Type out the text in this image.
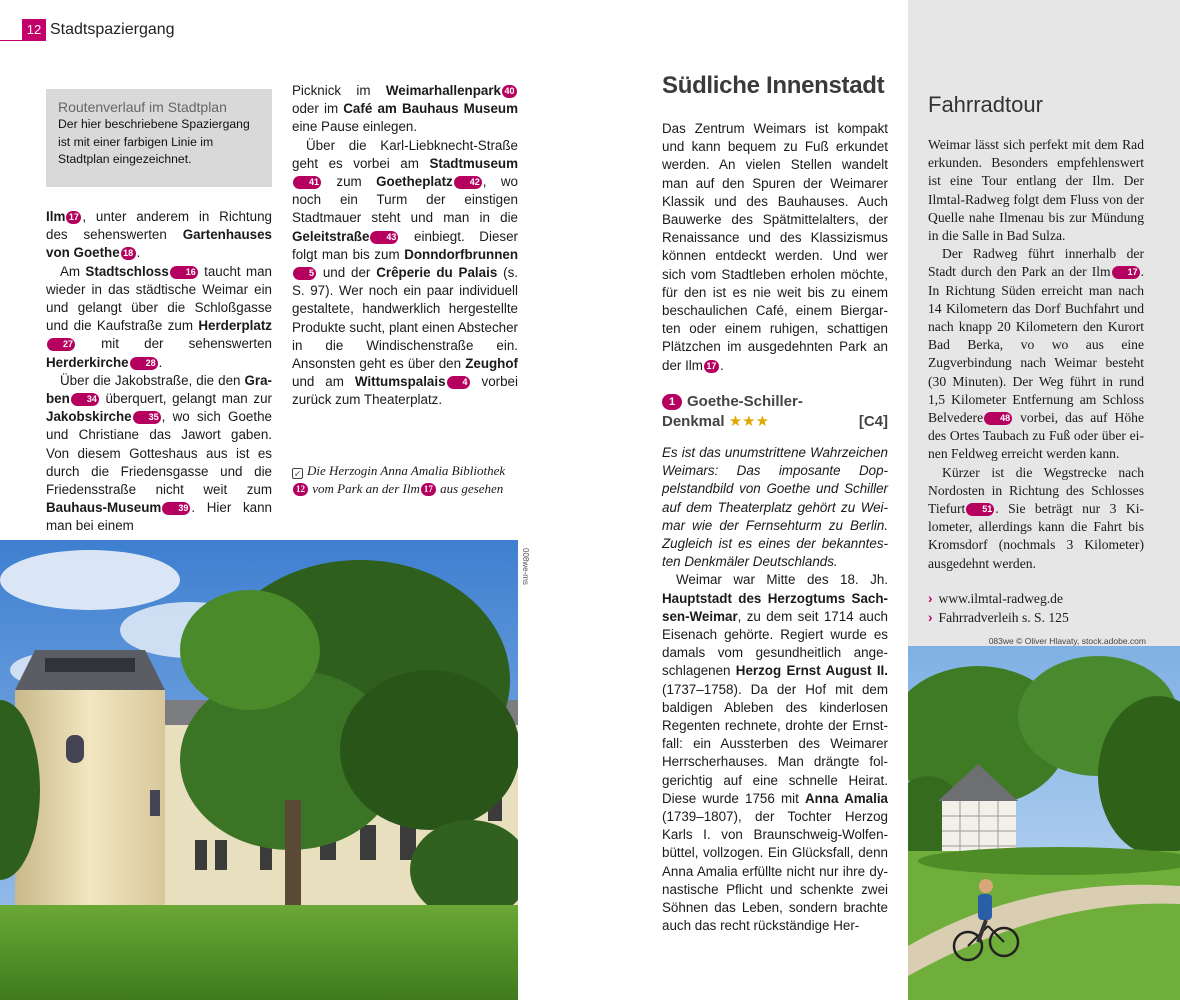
12 Stadtspaziergang
Routenverlauf im Stadtplan
Der hier beschriebene Spaziergang ist mit einer farbigen Linie im Stadtplan eingezeichnet.

Ilm 17 , unter anderem in Richtung des sehenswerten Gartenhauses von Goethe 18 .

Am Stadtschloss 16 taucht man wieder in das städtische Weimar ein und gelangt über die Schloßgasse und die Kaufstraße zum Herderplatz27 mit der sehenswerten Herderkirche 28 .

Über die Jakobstraße, die den Graben 34 überquert, gelangt man zur Jakobskirche 35 , wo sich Goethe und Christiane das Jawort gaben. Von diesem Gotteshaus aus ist es durch die Friedensgasse und die Friedensstraße nicht weit zum Bauhaus-Museum 39 . Hier kann man bei einem

Picknick im Weimarhallenpark 40 oder im Café am Bauhaus Museum eine Pause einlegen.

Über die Karl-Liebknecht-Straße geht es vorbei am Stadtmuseum41 zum Goetheplatz 42 , wo noch ein Turm der einstigen Stadtmauer steht und man in die Geleitstraße 43 einbiegt. Dieser folgt man bis zum Donndorfbrunnen5 und der Crêperie du Palais (s. S. 97). Wer noch ein paar individuell gestaltete, handwerklich hergestellte Produkte sucht, plant einen Abstecher in die Windischenstraße ein. Ansonsten geht es über den Zeughof und am Wittumspalais 4 vorbei zurück zum Theaterplatz.

↙ Die Herzogin Anna Amalia Bibliothek12 vom Park an der Ilm 17 aus gesehen
008we-ms
Südliche Innenstadt

Das Zentrum Weimars ist kompakt und kann bequem zu Fuß erkundet werden. An vielen Stellen wandelt man auf den Spuren der Weimarer Klassik und des Bauhauses. Auch Bauwerke des Spätmittelalters, der Renaissance und des Klassizismus können entdeckt werden. Und wer sich vom Stadtleben erholen möchte, für den ist es nie weit bis zu einem beschaulichen Café, einem Biergarten oder einem ruhigen, schattigen Plätzchen im ausgedehnten Park an der Ilm 17 .

1 Goethe-Schiller-
Denkmal ★★★	[C4]

Es ist das unumstrittene Wahrzeichen Weimars: Das imposante Doppelstandbild von Goethe und Schiller auf dem Theaterplatz gehört zu Weimar wie der Fernsehturm zu Berlin. Zugleich ist es eines der bekanntesten Denkmäler Deutschlands.

Weimar war Mitte des 18. Jh. Hauptstadt des Herzogtums Sachsen-Weimar, zu dem seit 1714 auch Eisenach gehörte. Regiert wurde es damals vom gesundheitlich angeschlagenen Herzog Ernst August II. (1737–1758). Da der Hof mit dem baldigen Ableben des kinderlosen Regenten rechnete, drohte der Ernstfall: ein Aussterben des Weimarer Herrscherhauses. Man drängte folgerichtig auf eine schnelle Heirat. Diese wurde 1756 mit Anna Amalia (1739–1807), der Tochter Herzog Karls I. von Braunschweig-Wolfenbüttel, vollzogen. Ein Glücksfall, denn Anna Amalia erfüllte nicht nur ihre dynastische Pflicht und schenkte zwei Söhnen das Leben, sondern brachte auch das recht rückständige Her-

Fahrradtour

Weimar lässt sich perfekt mit dem Rad erkunden. Besonders empfehlenswert ist eine Tour entlang der Ilm. Der Ilmtal-Radweg folgt dem Fluss von der Quelle nahe Ilmenau bis zur Mündung in die Salle in Bad Sulza.

Der Radweg führt innerhalb der Stadt durch den Park an der Ilm 17 . In Richtung Süden erreicht man nach 14 Kilometern das Dorf Buchfahrt und nach knapp 20 Kilometern den Kurort Bad Berka, vo wo aus eine Zugverbindung nach Weimar besteht (30 Minuten). Der Weg führt in rund 1,5 Kilometer Entfernung am Schloss Belvedere 48 vorbei, das auf Höhe des Ortes Taubach zu Fuß oder über einen Feldweg erreicht werden kann.

Kürzer ist die Wegstrecke nach Nordosten in Richtung des Schlosses Tiefurt 51 . Sie beträgt nur 3 Kilometer, allerdings kann die Fahrt bis Kromsdorf (nochmals 3 Kilometer) ausgedehnt werden.

› www.ilmtal-radweg.de
› Fahrradverleih s. S. 125
083we © Oliver Hlavaty, stock.adobe.com
